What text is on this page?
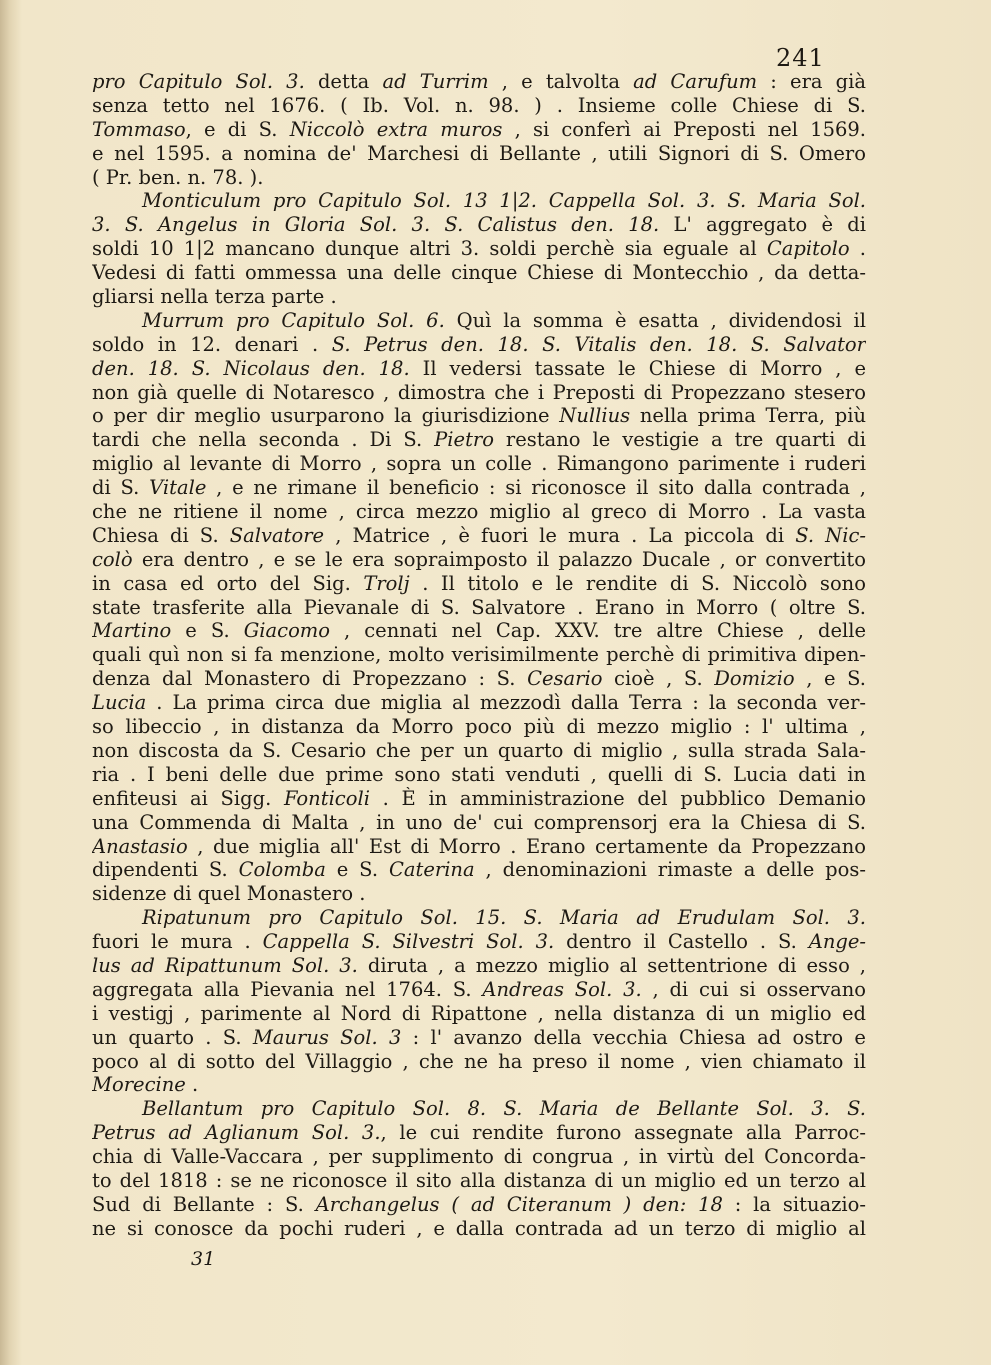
241
pro Capitulo Sol. 3. detta ad Turrim , e talvolta ad Carufum : era già
senza tetto nel 1676. ( Ib. Vol. n. 98. ) . Insieme colle Chiese di S.
Tommaso, e di S. Niccolò extra muros , si conferì ai Preposti nel 1569.
e nel 1595. a nomina de' Marchesi di Bellante , utili Signori di S. Omero
( Pr. ben. n. 78. ).
Monticulum pro Capitulo Sol. 13 1|2. Cappella Sol. 3. S. Maria Sol.
3. S. Angelus in Gloria Sol. 3. S. Calistus den. 18. L' aggregato è di
soldi 10 1|2 mancano dunque altri 3. soldi perchè sia eguale al Capitolo .
Vedesi di fatti ommessa una delle cinque Chiese di Montecchio , da detta-
gliarsi nella terza parte .
Murrum pro Capitulo Sol. 6. Quì la somma è esatta , dividendosi il
soldo in 12. denari . S. Petrus den. 18. S. Vitalis den. 18. S. Salvator
den. 18. S. Nicolaus den. 18. Il vedersi tassate le Chiese di Morro , e
non già quelle di Notaresco , dimostra che i Preposti di Propezzano stesero
o per dir meglio usurparono la giurisdizione Nullius nella prima Terra, più
tardi che nella seconda . Di S. Pietro restano le vestigie a tre quarti di
miglio al levante di Morro , sopra un colle . Rimangono parimente i ruderi
di S. Vitale , e ne rimane il beneficio : si riconosce il sito dalla contrada ,
che ne ritiene il nome , circa mezzo miglio al greco di Morro . La vasta
Chiesa di S. Salvatore , Matrice , è fuori le mura . La piccola di S. Nic-
colò era dentro , e se le era sopraimposto il palazzo Ducale , or convertito
in casa ed orto del Sig. Trolj . Il titolo e le rendite di S. Niccolò sono
state trasferite alla Pievanale di S. Salvatore . Erano in Morro ( oltre S.
Martino e S. Giacomo , cennati nel Cap. XXV. tre altre Chiese , delle
quali quì non si fa menzione, molto verisimilmente perchè di primitiva dipen-
denza dal Monastero di Propezzano : S. Cesario cioè , S. Domizio , e S.
Lucia . La prima circa due miglia al mezzodì dalla Terra : la seconda ver-
so libeccio , in distanza da Morro poco più di mezzo miglio : l' ultima ,
non discosta da S. Cesario che per un quarto di miglio , sulla strada Sala-
ria . I beni delle due prime sono stati venduti , quelli di S. Lucia dati in
enfiteusi ai Sigg. Fonticoli . È in amministrazione del pubblico Demanio
una Commenda di Malta , in uno de' cui comprensorj era la Chiesa di S.
Anastasio , due miglia all' Est di Morro . Erano certamente da Propezzano
dipendenti S. Colomba e S. Caterina , denominazioni rimaste a delle pos-
sidenze di quel Monastero .
Ripatunum pro Capitulo Sol. 15. S. Maria ad Erudulam Sol. 3.
fuori le mura . Cappella S. Silvestri Sol. 3. dentro il Castello . S. Ange-
lus ad Ripattunum Sol. 3. diruta , a mezzo miglio al settentrione di esso ,
aggregata alla Pievania nel 1764. S. Andreas Sol. 3. , di cui si osservano
i vestigj , parimente al Nord di Ripattone , nella distanza di un miglio ed
un quarto . S. Maurus Sol. 3 : l' avanzo della vecchia Chiesa ad ostro e
poco al di sotto del Villaggio , che ne ha preso il nome , vien chiamato il
Morecine .
Bellantum pro Capitulo Sol. 8. S. Maria de Bellante Sol. 3. S.
Petrus ad Aglianum Sol. 3., le cui rendite furono assegnate alla Parroc-
chia di Valle-Vaccara , per supplimento di congrua , in virtù del Concorda-
to del 1818 : se ne riconosce il sito alla distanza di un miglio ed un terzo al
Sud di Bellante : S. Archangelus ( ad Citeranum ) den: 18 : la situazio-
ne si conosce da pochi ruderi , e dalla contrada ad un terzo di miglio al
31
